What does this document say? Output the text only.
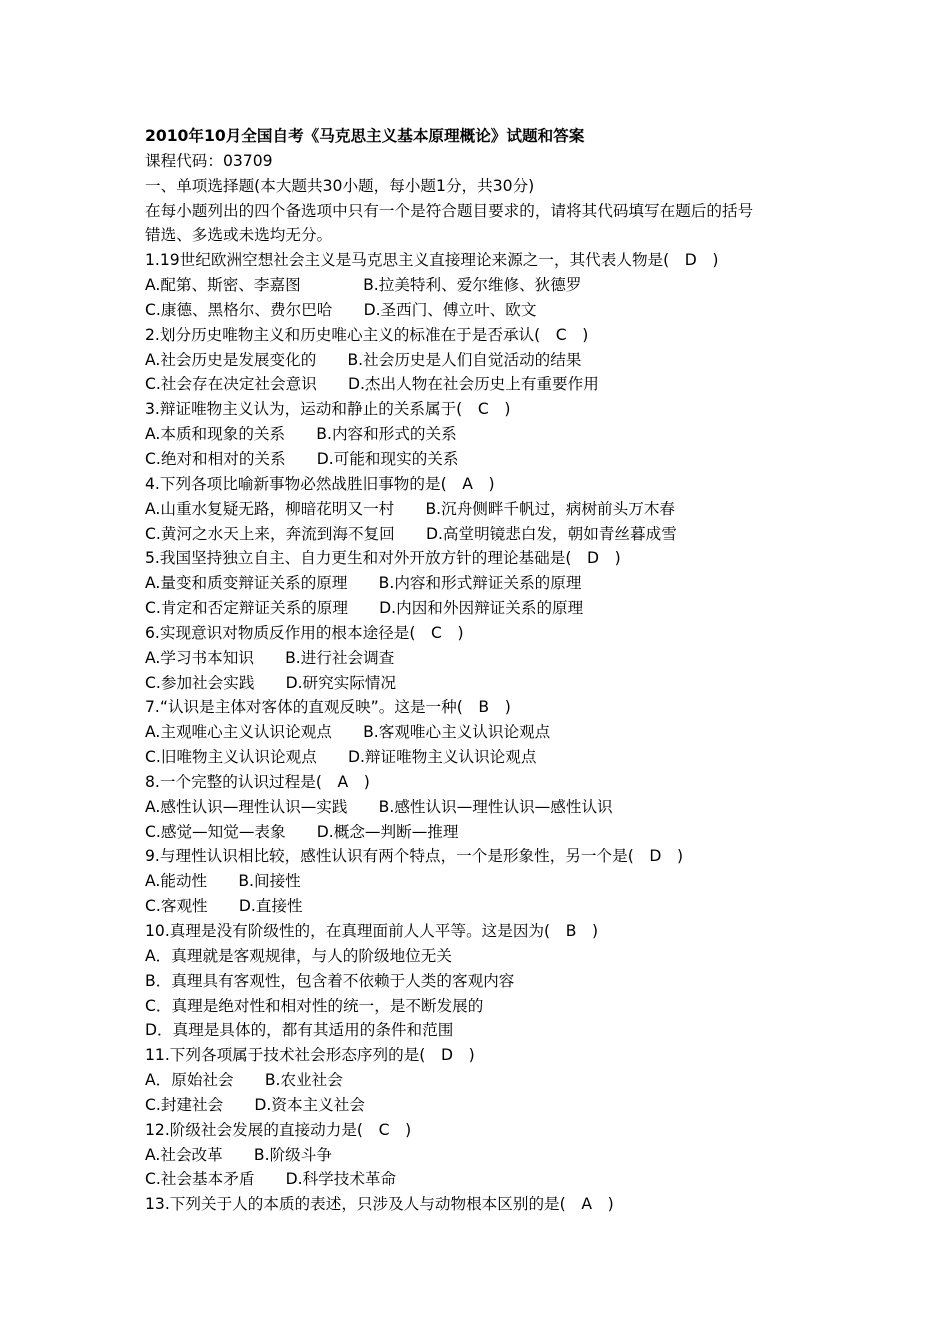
2010年10月全国自考《马克思主义基本原理概论》试题和答案
课程代码：03709
一、单项选择题(本大题共30小题，每小题1分，共30分)
在每小题列出的四个备选项中只有一个是符合题目要求的，请将其代码填写在题后的括号
错选、多选或未选均无分。
1.19世纪欧洲空想社会主义是马克思主义直接理论来源之一，其代表人物是(　D　)
A.配第、斯密、李嘉图　　　　B.拉美特利、爱尔维修、狄德罗
C.康德、黑格尔、费尔巴哈　　D.圣西门、傅立叶、欧文
2.划分历史唯物主义和历史唯心主义的标准在于是否承认(　C　)
A.社会历史是发展变化的　　B.社会历史是人们自觉活动的结果
C.社会存在决定社会意识　　D.杰出人物在社会历史上有重要作用
3.辩证唯物主义认为，运动和静止的关系属于(　C　)
A.本质和现象的关系　　B.内容和形式的关系
C.绝对和相对的关系　　D.可能和现实的关系
4.下列各项比喻新事物必然战胜旧事物的是(　A　)
A.山重水复疑无路，柳暗花明又一村　　B.沉舟侧畔千帆过，病树前头万木春
C.黄河之水天上来，奔流到海不复回　　D.高堂明镜悲白发，朝如青丝暮成雪
5.我国坚持独立自主、自力更生和对外开放方针的理论基础是(　D　)
A.量变和质变辩证关系的原理　　B.内容和形式辩证关系的原理
C.肯定和否定辩证关系的原理　　D.内因和外因辩证关系的原理
6.实现意识对物质反作用的根本途径是(　C　)
A.学习书本知识　　B.进行社会调查
C.参加社会实践　　D.研究实际情况
7.“认识是主体对客体的直观反映”。这是一种(　B　)
A.主观唯心主义认识论观点　　B.客观唯心主义认识论观点
C.旧唯物主义认识论观点　　D.辩证唯物主义认识论观点
8.一个完整的认识过程是(　A　)
A.感性认识—理性认识—实践　　B.感性认识—理性认识—感性认识
C.感觉—知觉—表象　　D.概念—判断—推理
9.与理性认识相比较，感性认识有两个特点，一个是形象性，另一个是(　D　)
A.能动性　　B.间接性
C.客观性　　D.直接性
10.真理是没有阶级性的，在真理面前人人平等。这是因为(　B　)
A．真理就是客观规律，与人的阶级地位无关
B．真理具有客观性，包含着不依赖于人类的客观内容
C．真理是绝对性和相对性的统一，是不断发展的
D．真理是具体的，都有其适用的条件和范围
11.下列各项属于技术社会形态序列的是(　D　)
A．原始社会　　B.农业社会
C.封建社会　　D.资本主义社会
12.阶级社会发展的直接动力是(　C　)
A.社会改革　　B.阶级斗争
C.社会基本矛盾　　D.科学技术革命
13.下列关于人的本质的表述，只涉及人与动物根本区别的是(　A　)
